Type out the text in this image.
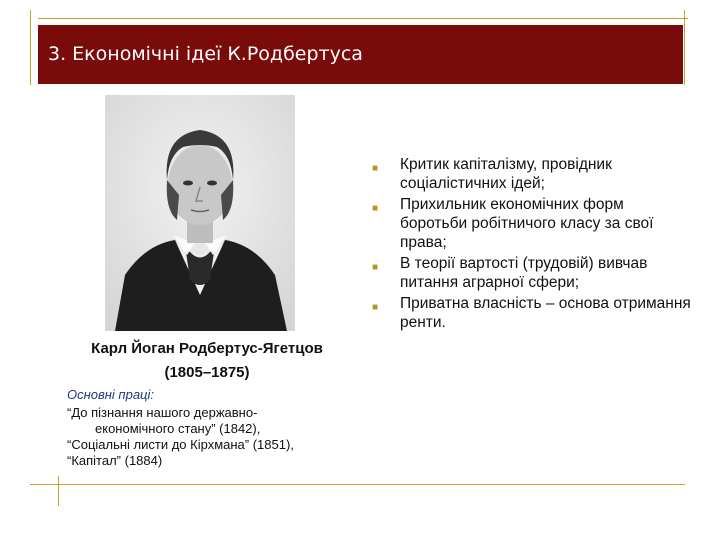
3. Економічні ідеї К.Родбертуса
Карл Йоган Родбертус-Ягетцов
(1805–1875)
Основні праці:

“До пізнання нашого державно-

економічного стану” (1842),

“Соціальні листи до Кірхмана” (1851),

“Капітал” (1884)

■ Критик капіталізму, провідник соціалістичних ідей;
■ Прихильник економічних форм боротьби робітничого класу за свої права;
■ В теорії вартості (трудовій) вивчав питання аграрної сфери;
■ Приватна власність – основа отримання ренти.
